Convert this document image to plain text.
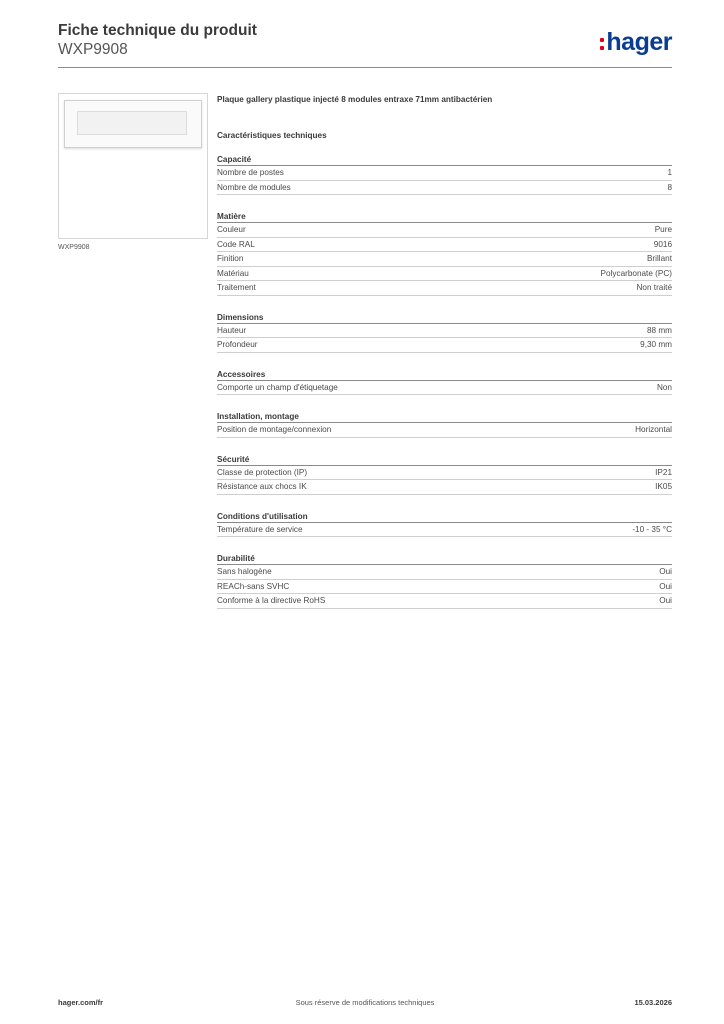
Fiche technique du produit
WXP9908	hager
WXP9908
Plaque gallery plastique injecté 8 modules entraxe 71mm antibactérien
Caractéristiques techniques
Capacité
Nombre de postes	1
Nombre de modules	8
Matière
Couleur	Pure
Code RAL	9016
Finition	Brillant
Matériau	Polycarbonate (PC)
Traitement	Non traité
Dimensions
Hauteur	88 mm
Profondeur	9,30 mm
Accessoires
Comporte un champ d'étiquetage	Non
Installation, montage
Position de montage/connexion	Horizontal
Sécurité
Classe de protection (IP)	IP21
Résistance aux chocs IK	IK05
Conditions d'utilisation
Température de service	-10 - 35 °C
Durabilité
Sans halogène	Oui
REACh-sans SVHC	Oui
Conforme à la directive RoHS	Oui
hager.com/fr	Sous réserve de modifications techniques	15.03.2026
